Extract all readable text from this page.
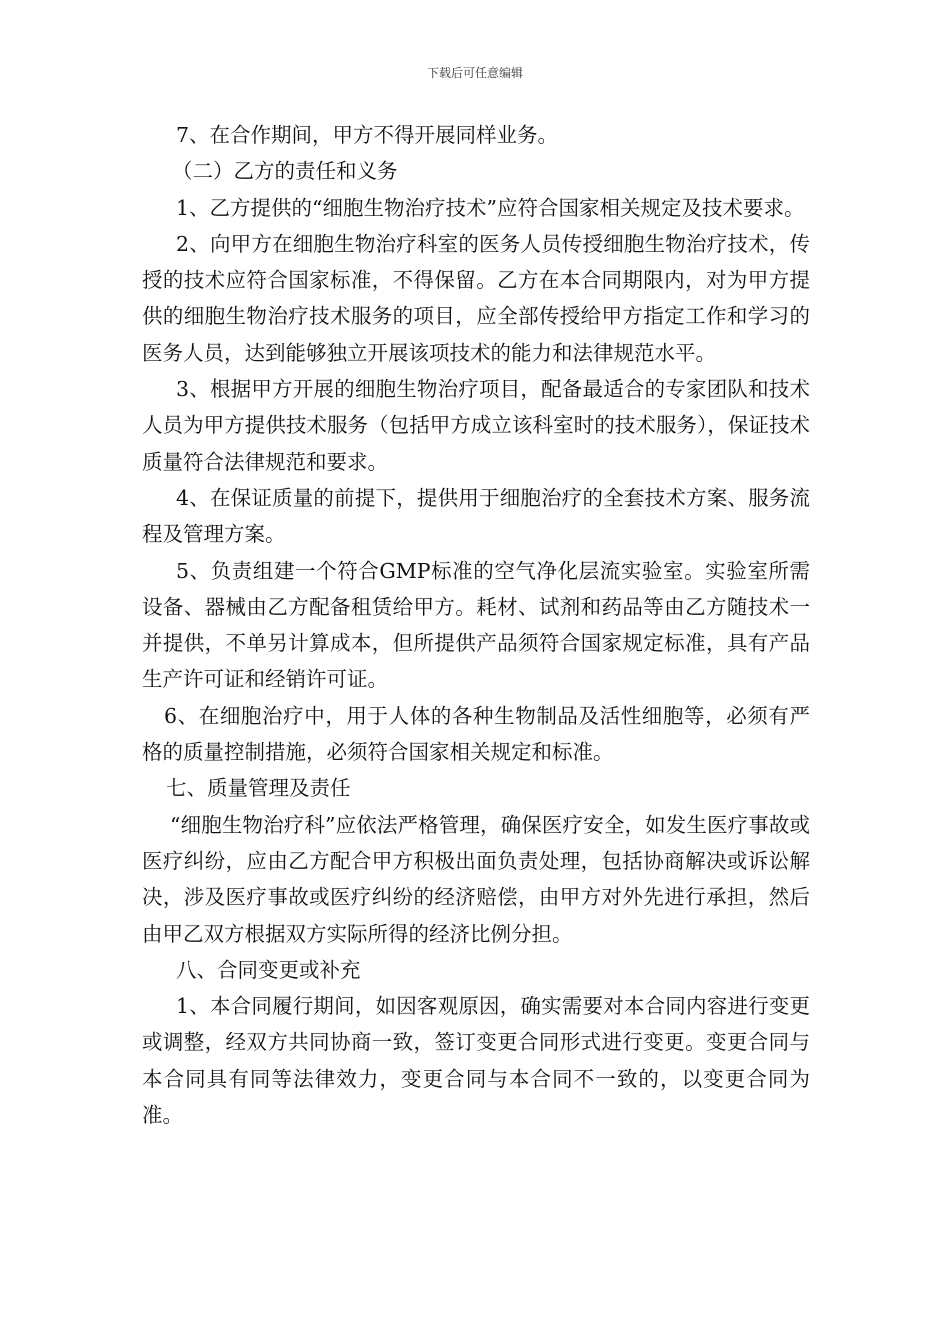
下载后可任意编辑

7、在合作期间，甲方不得开展同样业务。

（二）乙方的责任和义务

1、乙方提供的“细胞生物治疗技术”应符合国家相关规定及技术要求。

2、向甲方在细胞生物治疗科室的医务人员传授细胞生物治疗技术，传授的技术应符合国家标准，不得保留。乙方在本合同期限内，对为甲方提供的细胞生物治疗技术服务的项目，应全部传授给甲方指定工作和学习的医务人员，达到能够独立开展该项技术的能力和法律规范水平。

3、根据甲方开展的细胞生物治疗项目，配备最适合的专家团队和技术人员为甲方提供技术服务（包括甲方成立该科室时的技术服务），保证技术质量符合法律规范和要求。

4、在保证质量的前提下，提供用于细胞治疗的全套技术方案、服务流程及管理方案。

5、负责组建一个符合GMP标准的空气净化层流实验室。实验室所需设备、器械由乙方配备租赁给甲方。耗材、试剂和药品等由乙方随技术一并提供，不单另计算成本，但所提供产品须符合国家规定标准，具有产品生产许可证和经销许可证。

6、在细胞治疗中，用于人体的各种生物制品及活性细胞等，必须有严格的质量控制措施，必须符合国家相关规定和标准。

七、质量管理及责任

“细胞生物治疗科”应依法严格管理，确保医疗安全，如发生医疗事故或医疗纠纷，应由乙方配合甲方积极出面负责处理，包括协商解决或诉讼解决，涉及医疗事故或医疗纠纷的经济赔偿，由甲方对外先进行承担，然后由甲乙双方根据双方实际所得的经济比例分担。

八、合同变更或补充

1、本合同履行期间，如因客观原因，确实需要对本合同内容进行变更或调整，经双方共同协商一致，签订变更合同形式进行变更。变更合同与本合同具有同等法律效力，变更合同与本合同不一致的，以变更合同为准。
